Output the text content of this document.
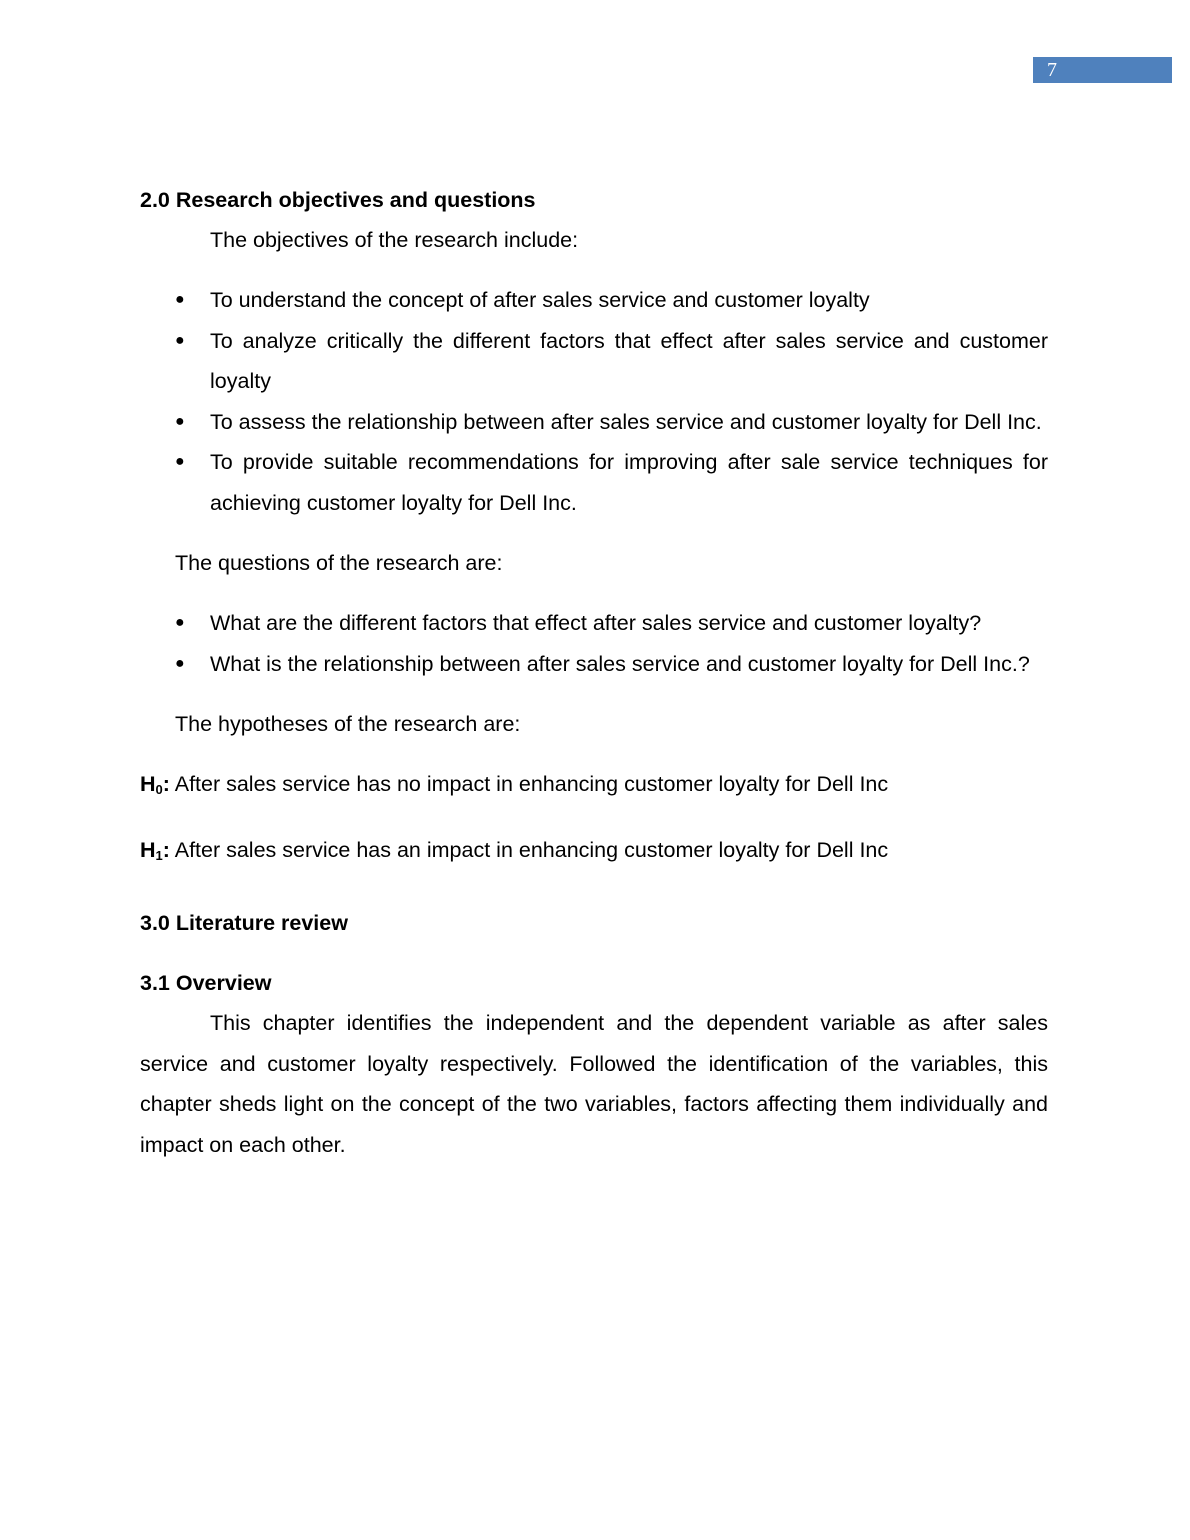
7

2.0 Research objectives and questions

The objectives of the research include:

● To understand the concept of after sales service and customer loyalty
● To analyze critically the different factors that effect after sales service and customer loyalty
● To assess the relationship between after sales service and customer loyalty for Dell Inc.
● To provide suitable recommendations for improving after sale service techniques for achieving customer loyalty for Dell Inc.

The questions of the research are:

● What are the different factors that effect after sales service and customer loyalty?
● What is the relationship between after sales service and customer loyalty for Dell Inc.?

The hypotheses of the research are:

$H_0$: After sales service has no impact in enhancing customer loyalty for Dell Inc

$H_1$: After sales service has an impact in enhancing customer loyalty for Dell Inc

3.0 Literature review

3.1 Overview

This chapter identifies the independent and the dependent variable as after sales service and customer loyalty respectively. Followed the identification of the variables, this chapter sheds light on the concept of the two variables, factors affecting them individually and impact on each other.
